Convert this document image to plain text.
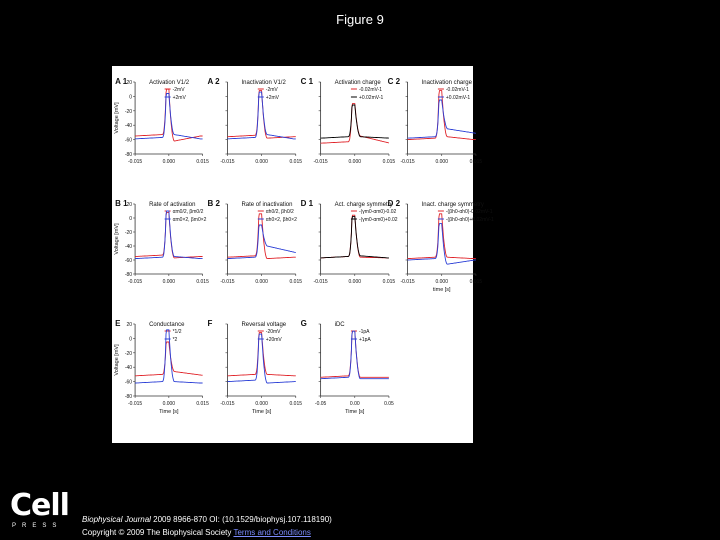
Figure 9
A 1	Activation V1/2
20
0
-20
-40
-60
-80
Voltage [mV]
-0.015	0.000	0.015
-2mV
+2mV
A 2	Inactivation V1/2
-0.015	0.000	0.015
-2mV
+2mV
C 1	Activation charge
-0.015	0.000	0.015
-0.02mV-1
+0.02mV-1
C 2	Inactivation charge
-0.015	0.000	0.015
-0.02mV-1
+0.02mV-1
B 1	Rate of activation
20
0
-20
-40
-60
-80
Voltage [mV]
-0.015	0.000	0.015
αm0/2, βm0/2
αm0×2, βm0×2
B 2	Rate of inactivation
-0.015	0.000	0.015
αh0/2, βh0/2
αh0×2, βh0×2
D 1	Act. charge symmetry
-0.015	0.000	0.015
-(γm0-αm0)-0.02
-(γm0-αm0)+0.02
D 2	Inact. charge symmetry
-0.015	0.000	0.015
time [s]
-(βh0-αh0)-0.02mV-1
-(βh0-αh0)+0.02mV-1
E	Conductance
20
0
-20
-40
-60
-80
Voltage [mV]
-0.015	0.000	0.015
Time [s]
*1/2
*2
F	Reversal voltage
-0.015	0.000	0.015
Time [s]
-20mV
+20mV
G	iDC
-0.05	0.00	0.05
Time [s]
-1pA
+1pA
Cell
PRESS
Biophysical Journal 2009 8966-870 OI: (10.1529/biophysj.107.118190)
Copyright © 2009 The Biophysical Society Terms and Conditions
